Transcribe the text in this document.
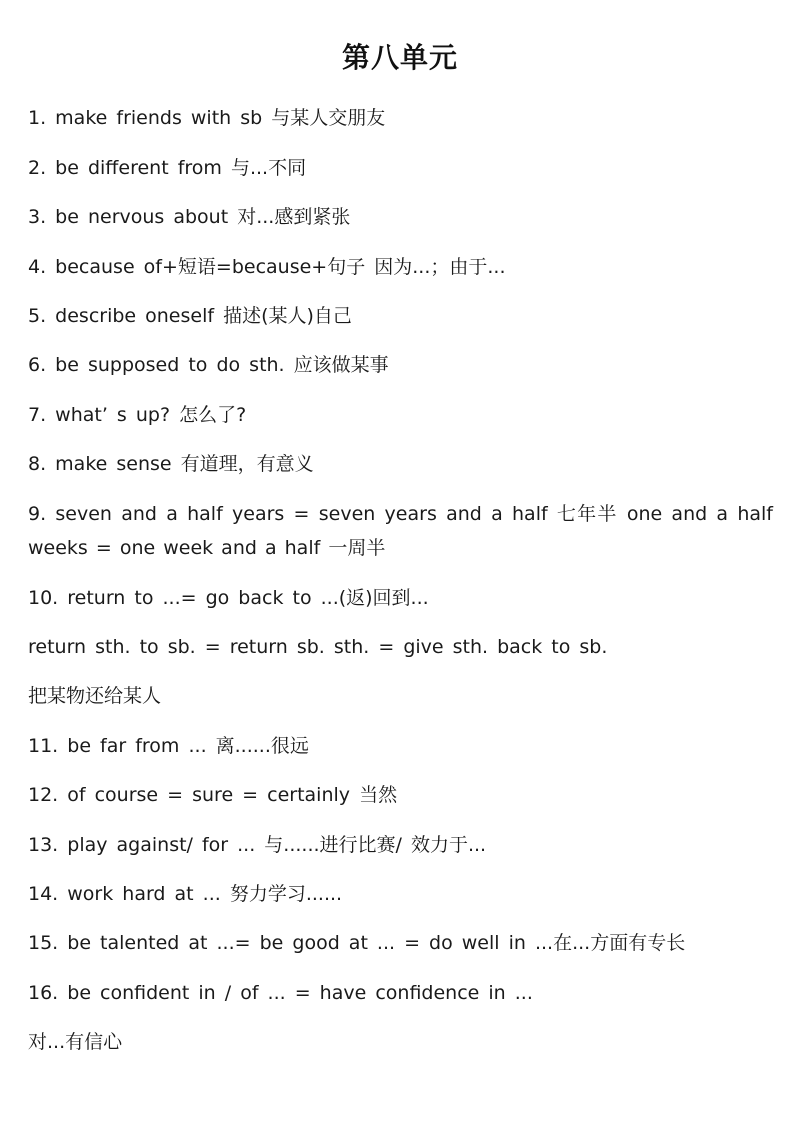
第八单元
1. make friends with sb 与某人交朋友
2. be different from 与...不同
3. be nervous about 对...感到紧张
4. because of+短语=because+句子 因为...；由于...
5. describe oneself 描述(某人)自己
6. be supposed to do sth. 应该做某事
7. what’ s up? 怎么了?
8. make sense 有道理，有意义
9. seven and a half years = seven years and a half 七年半 one and a half weeks = one week and a half 一周半
10. return to ...= go back to ...(返)回到...
return sth. to sb. = return sb. sth. = give sth. back to sb.
把某物还给某人
11. be far from ... 离......很远
12. of course = sure = certainly 当然
13. play against/ for ... 与......进行比赛/ 效力于...
14. work hard at ... 努力学习......
15. be talented at ...= be good at ... = do well in ...在...方面有专长
16. be confident in / of ... = have confidence in ...
对...有信心
